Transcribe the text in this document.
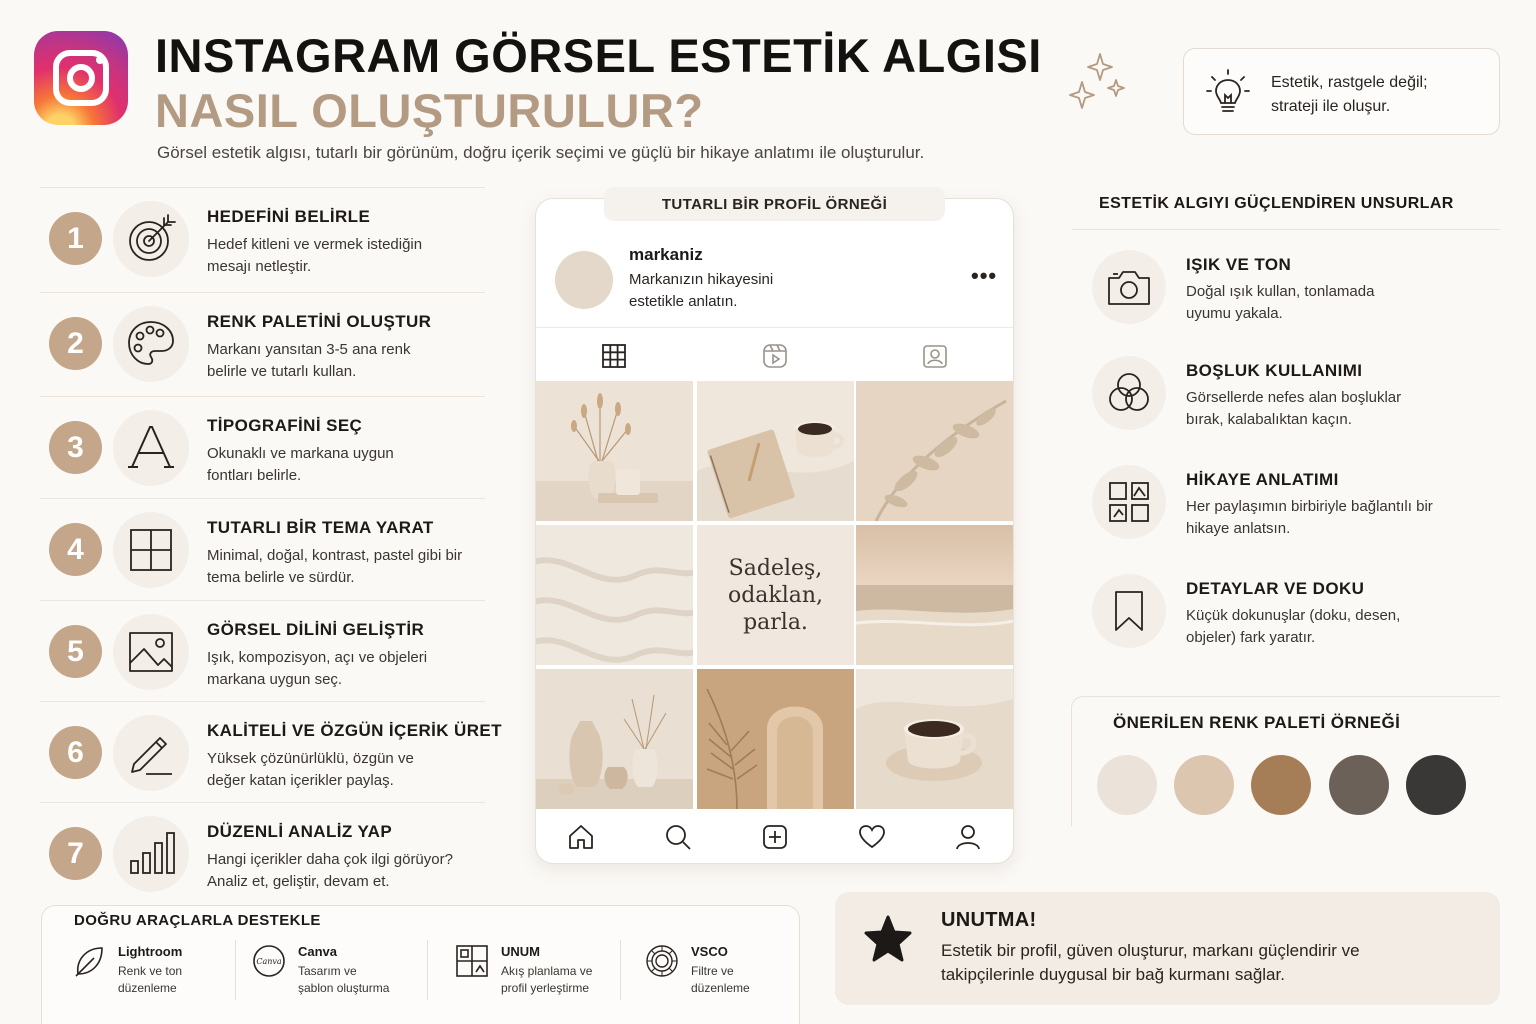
INSTAGRAM GÖRSEL ESTETİK ALGISI
NASIL OLUŞTURULUR?
Görsel estetik algısı, tutarlı bir görünüm, doğru içerik seçimi ve güçlü bir hikaye anlatımı ile oluşturulur.
Estetik, rastgele değil; strateji ile oluşur.
1
HEDEFİNİ BELİRLE
Hedef kitleni ve vermek istediğin mesajı netleştir.
2
RENK PALETİNİ OLUŞTUR
Markanı yansıtan 3-5 ana renk belirle ve tutarlı kullan.
3
TİPOGRAFİNİ SEÇ
Okunaklı ve markana uygun fontları belirle.
4
TUTARLI BİR TEMA YARAT
Minimal, doğal, kontrast, pastel gibi bir tema belirle ve sürdür.
5
GÖRSEL DİLİNİ GELİŞTİR
Işık, kompozisyon, açı ve objeleri markana uygun seç.
6
KALİTELİ VE ÖZGÜN İÇERİK ÜRET
Yüksek çözünürlüklü, özgün ve değer katan içerikler paylaş.
7
DÜZENLİ ANALİZ YAP
Hangi içerikler daha çok ilgi görüyor? Analiz et, geliştir, devam et.
markaniz
Markanızın hikayesini estetikle anlatın.
•••
Sadeleş, odaklan, parla.
TUTARLI BİR PROFİL ÖRNEĞİ	ESTETİK ALGIYI GÜÇLENDİREN UNSURLAR
IŞIK VE TON
Doğal ışık kullan, tonlamada uyumu yakala.
BOŞLUK KULLANIMI
Görsellerde nefes alan boşluklar bırak, kalabalıktan kaçın.
HİKAYE ANLATIMI
Her paylaşımın birbiriyle bağlantılı bir hikaye anlatsın.
DETAYLAR VE DOKU
Küçük dokunuşlar (doku, desen, objeler) fark yaratır.
ÖNERİLEN RENK PALETİ ÖRNEĞİ
DOĞRU ARAÇLARLA DESTEKLE
Lightroom
Renk ve ton
düzenleme
Canva
Canva
Tasarım ve
şablon oluşturma
UNUM
Akış planlama ve
profil yerleştirme
VSCO
Filtre ve
düzenleme
UNUTMA!
Estetik bir profil, güven oluşturur, markanı güçlendirir ve takipçilerinle duygusal bir bağ kurmanı sağlar.
